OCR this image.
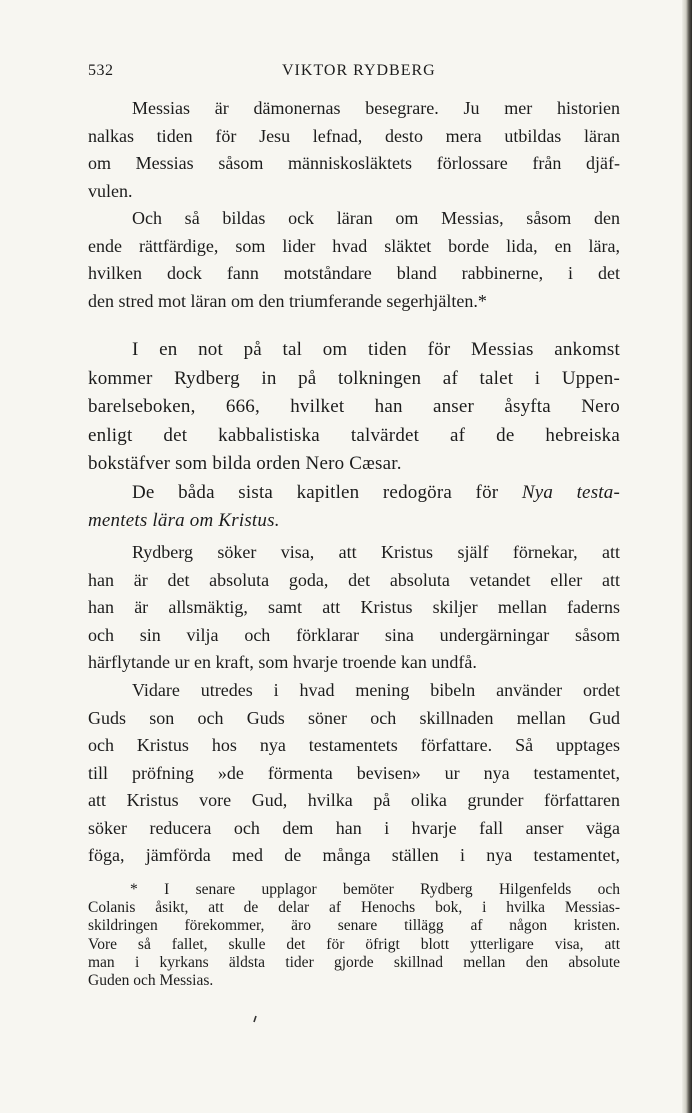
532	VIKTOR RYDBERG
Messias är dämonernas besegrare. Ju mer historien
nalkas tiden för Jesu lefnad, desto mera utbildas läran
om Messias såsom människosläktets förlossare från djäf-
vulen.
Och så bildas ock läran om Messias, såsom den
ende rättfärdige, som lider hvad släktet borde lida, en lära,
hvilken dock fann motståndare bland rabbinerne, i det
den stred mot läran om den triumferande segerhjälten.*
I en not på tal om tiden för Messias ankomst
kommer Rydberg in på tolkningen af talet i Uppen-
barelseboken, 666, hvilket han anser åsyfta Nero
enligt det kabbalistiska talvärdet af de hebreiska
bokstäfver som bilda orden Nero Cæsar.
De båda sista kapitlen redogöra för Nya testa-
mentets lära om Kristus.
Rydberg söker visa, att Kristus själf förnekar, att
han är det absoluta goda, det absoluta vetandet eller att
han är allsmäktig, samt att Kristus skiljer mellan faderns
och sin vilja och förklarar sina undergärningar såsom
härflytande ur en kraft, som hvarje troende kan undfå.
Vidare utredes i hvad mening bibeln använder ordet
Guds son och Guds söner och skillnaden mellan Gud
och Kristus hos nya testamentets författare. Så upptages
till pröfning »de förmenta bevisen» ur nya testamentet,
att Kristus vore Gud, hvilka på olika grunder författaren
söker reducera och dem han i hvarje fall anser väga
föga, jämförda med de många ställen i nya testamentet,
* I senare upplagor bemöter Rydberg Hilgenfelds och
Colanis åsikt, att de delar af Henochs bok, i hvilka Messias-
skildringen förekommer, äro senare tillägg af någon kristen.
Vore så fallet, skulle det för öfrigt blott ytterligare visa, att
man i kyrkans äldsta tider gjorde skillnad mellan den absolute
Guden och Messias.
